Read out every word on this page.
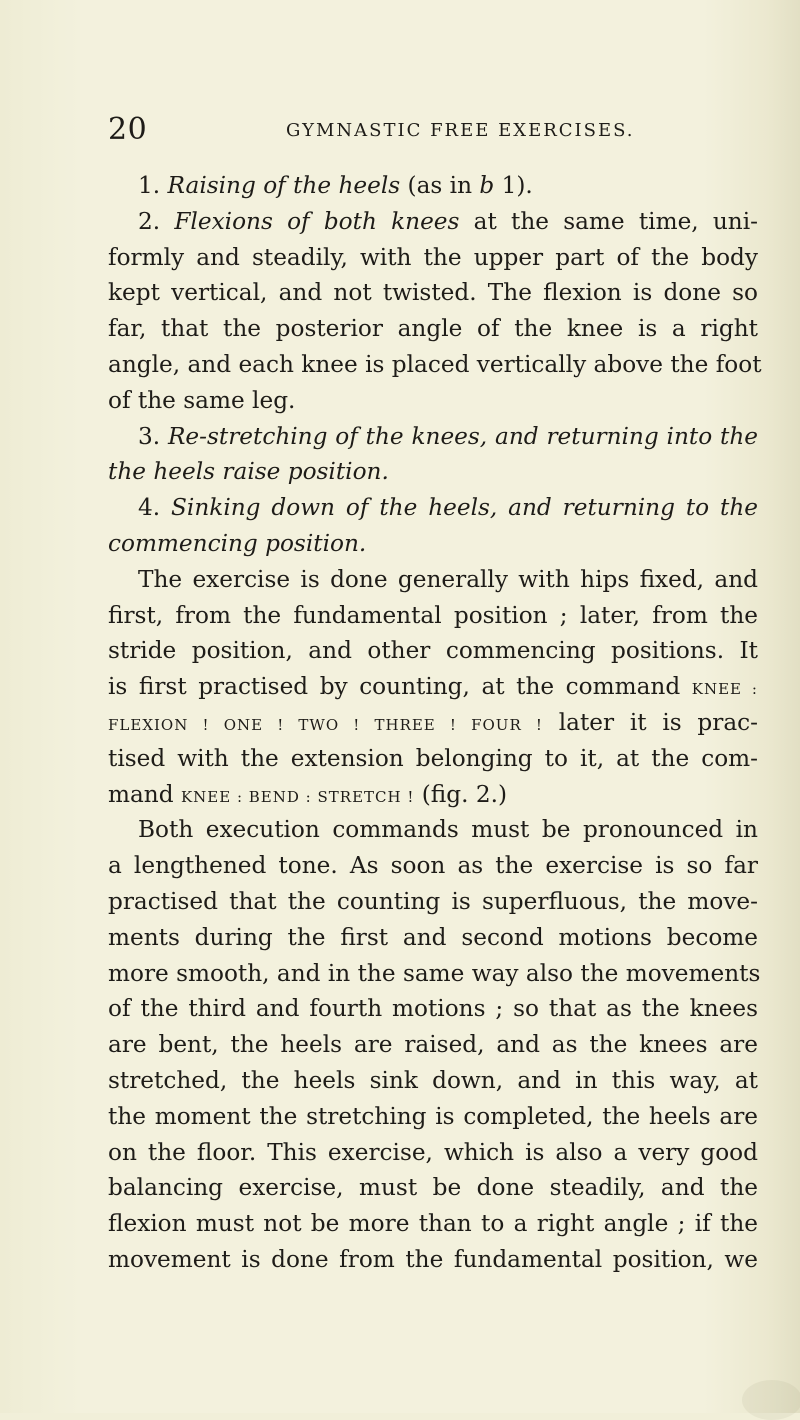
20	GYMNASTIC FREE EXERCISES.
1. Raising of the heels (as in b 1).
2. Flexions of both knees at the same time, uni-
formly and steadily, with the upper part of the body
kept vertical, and not twisted. The flexion is done so
far, that the posterior angle of the knee is a right
angle, and each knee is placed vertically above the foot
of the same leg.
3. Re-stretching of the knees, and returning into the
the heels raise position.
4. Sinking down of the heels, and returning to the
commencing position.
The exercise is done generally with hips fixed, and
first, from the fundamental position ; later, from the
stride position, and other commencing positions. It
is first practised by counting, at the command KNEE :
FLEXION ! ONE ! TWO ! THREE ! FOUR ! later it is prac-
tised with the extension belonging to it, at the com-
mand KNEE : BEND : STRETCH ! (fig. 2.)
Both execution commands must be pronounced in
a lengthened tone. As soon as the exercise is so far
practised that the counting is superfluous, the move-
ments during the first and second motions become
more smooth, and in the same way also the movements
of the third and fourth motions ; so that as the knees
are bent, the heels are raised, and as the knees are
stretched, the heels sink down, and in this way, at
the moment the stretching is completed, the heels are
on the floor. This exercise, which is also a very good
balancing exercise, must be done steadily, and the
flexion must not be more than to a right angle ; if the
movement is done from the fundamental position, we
